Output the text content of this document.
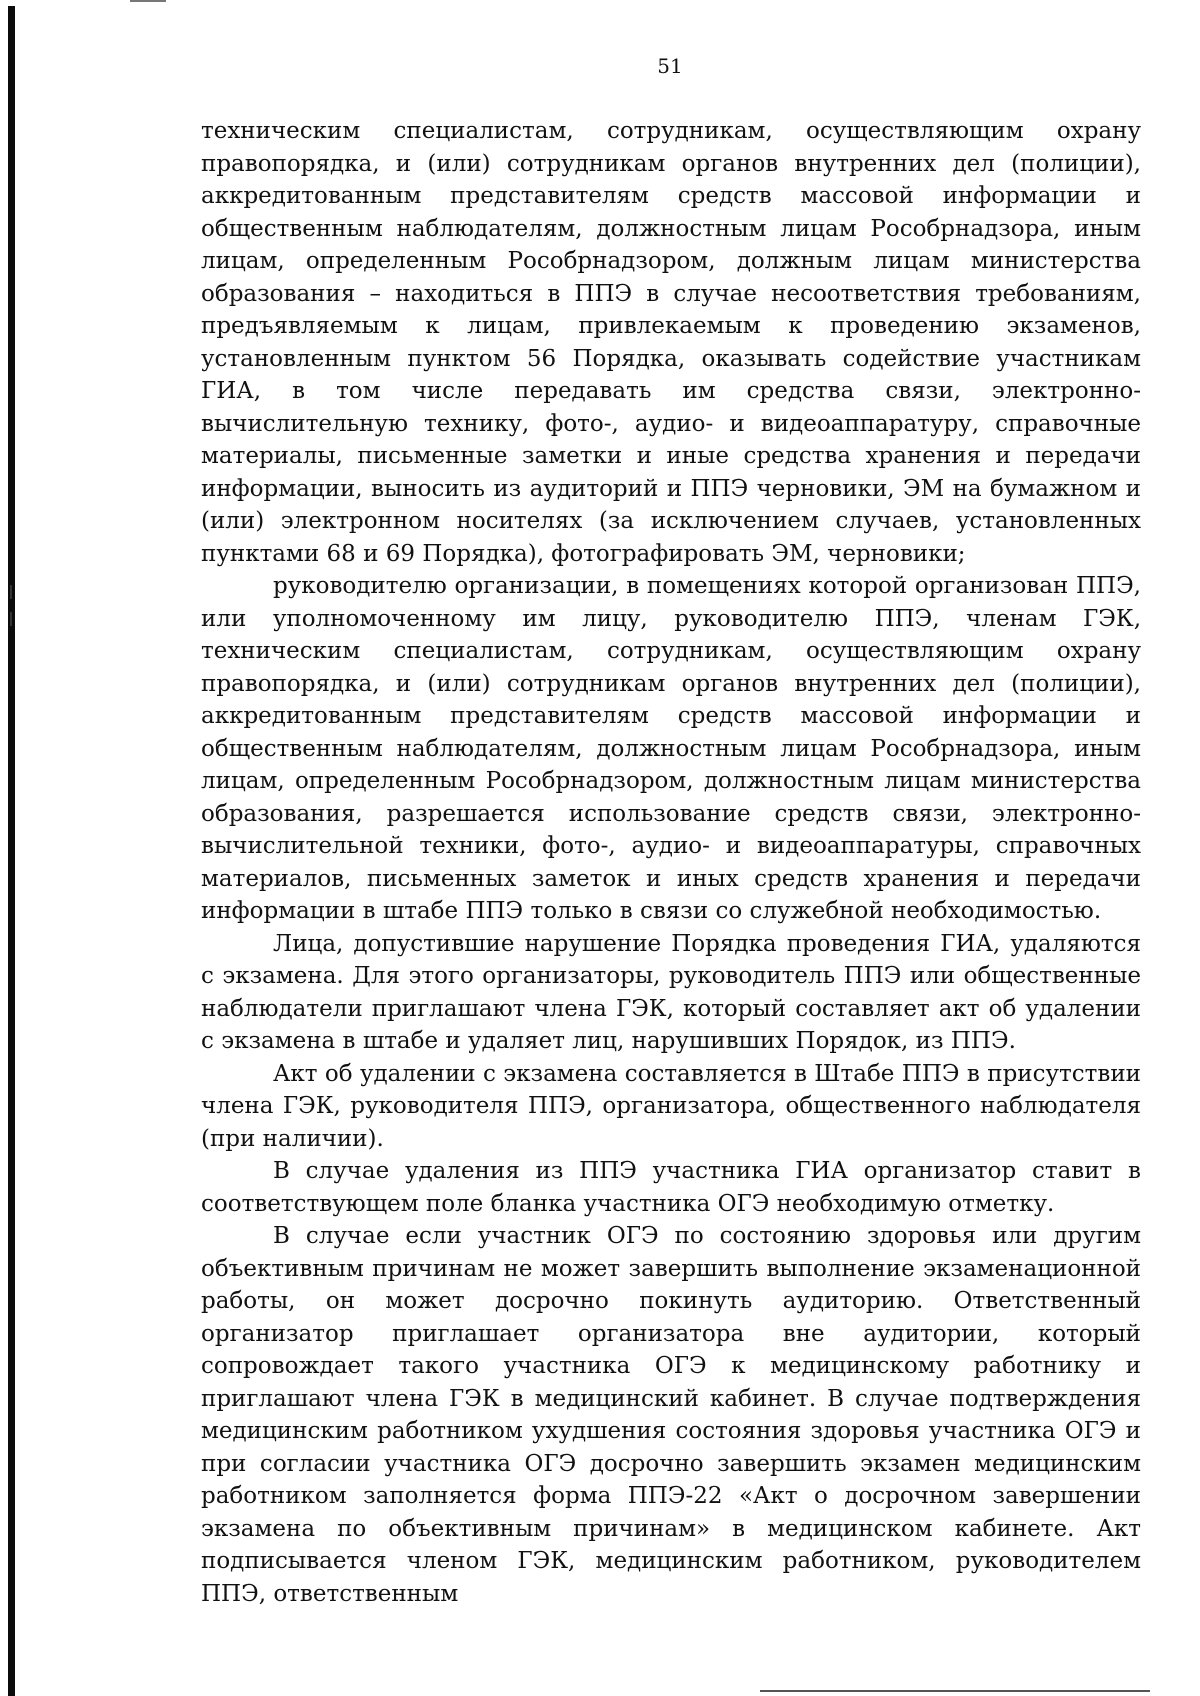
51

техническим специалистам, сотрудникам, осуществляющим охрану правопорядка, и (или) сотрудникам органов внутренних дел (полиции), аккредитованным представителям средств массовой информации и общественным наблюдателям, должностным лицам Рособрнадзора, иным лицам, определенным Рособрнадзором, должным лицам министерства образования – находиться в ППЭ в случае несоответствия требованиям, предъявляемым к лицам, привлекаемым к проведению экзаменов, установленным пунктом 56 Порядка, оказывать содействие участникам ГИА, в том числе передавать им средства связи, электронно-вычислительную технику, фото-, аудио- и видеоаппаратуру, справочные материалы, письменные заметки и иные средства хранения и передачи информации, выносить из аудиторий и ППЭ черновики, ЭМ на бумажном и (или) электронном носителях (за исключением случаев, установленных пунктами 68 и 69 Порядка), фотографировать ЭМ, черновики;

руководителю организации, в помещениях которой организован ППЭ, или уполномоченному им лицу, руководителю ППЭ, членам ГЭК, техническим специалистам, сотрудникам, осуществляющим охрану правопорядка, и (или) сотрудникам органов внутренних дел (полиции), аккредитованным представителям средств массовой информации и общественным наблюдателям, должностным лицам Рособрнадзора, иным лицам, определенным Рособрнадзором, должностным лицам министерства образования, разрешается использование средств связи, электронно-вычислительной техники, фото-, аудио- и видеоаппаратуры, справочных материалов, письменных заметок и иных средств хранения и передачи информации в штабе ППЭ только в связи со служебной необходимостью.

Лица, допустившие нарушение Порядка проведения ГИА, удаляются с экзамена. Для этого организаторы, руководитель ППЭ или общественные наблюдатели приглашают члена ГЭК, который составляет акт об удалении с экзамена в штабе и удаляет лиц, нарушивших Порядок, из ППЭ.

Акт об удалении с экзамена составляется в Штабе ППЭ в присутствии члена ГЭК, руководителя ППЭ, организатора, общественного наблюдателя (при наличии).

В случае удаления из ППЭ участника ГИА организатор ставит в соответствующем поле бланка участника ОГЭ необходимую отметку.

В случае если участник ОГЭ по состоянию здоровья или другим объективным причинам не может завершить выполнение экзаменационной работы, он может досрочно покинуть аудиторию. Ответственный организатор приглашает организатора вне аудитории, который сопровождает такого участника ОГЭ к медицинскому работнику и приглашают члена ГЭК в медицинский кабинет. В случае подтверждения медицинским работником ухудшения состояния здоровья участника ОГЭ и при согласии участника ОГЭ досрочно завершить экзамен медицинским работником заполняется форма ППЭ-22 «Акт о досрочном завершении экзамена по объективным причинам» в медицинском кабинете. Акт подписывается членом ГЭК, медицинским работником, руководителем ППЭ, ответственным
